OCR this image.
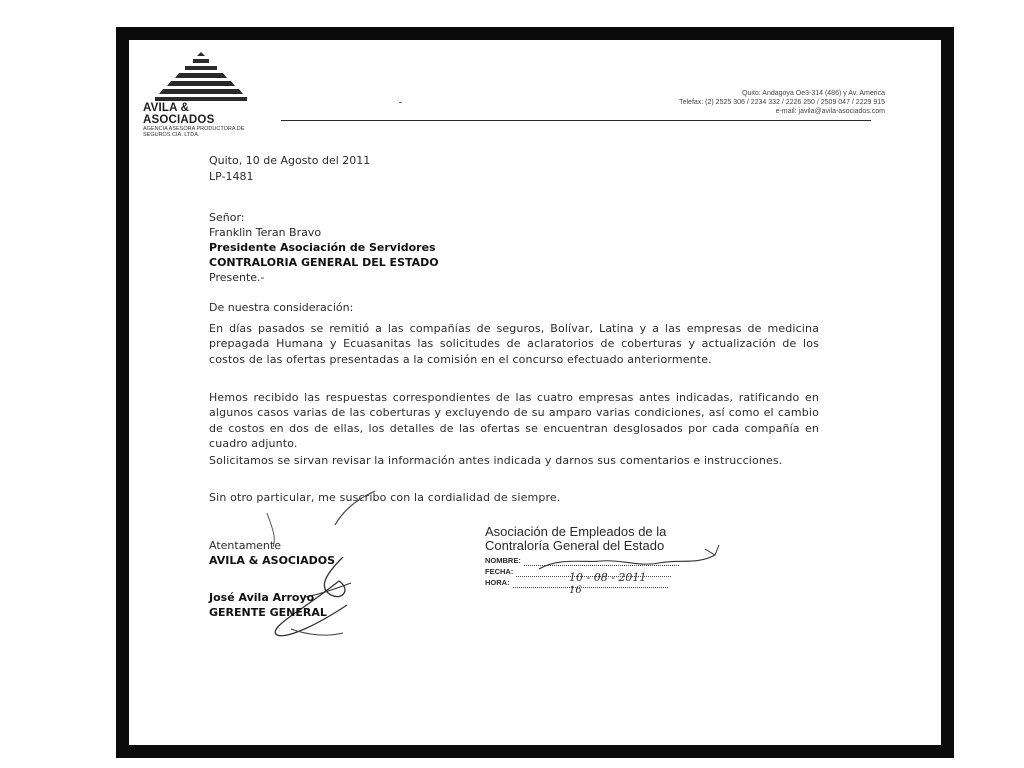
AVILA & ASOCIADOS
AGENCIA ASESORA PRODUCTORA DE SEGUROS CIA. LTDA.
Quito: Andagoya Oe3-314 (486) y Av. America
Telefax: (2) 2525 306 / 2234 332 / 2226 250 / 2509 047 / 2229 915
e-mail: javila@avila-asociados.com
Quito, 10 de Agosto del 2011
LP-1481
Señor:
Franklin Teran Bravo
Presidente Asociación de Servidores
CONTRALORIA GENERAL DEL ESTADO
Presente.-
De nuestra consideración:
En días pasados se remitió a las compañías de seguros, Bolívar, Latina y a las empresas de medicina prepagada Humana y Ecuasanitas las solicitudes de aclaratorios de coberturas y actualización de los costos de las ofertas presentadas a la comisión en el concurso efectuado anteriormente.
Hemos recibido las respuestas correspondientes de las cuatro empresas antes indicadas, ratificando en algunos casos varias de las coberturas y excluyendo de su amparo varias condiciones, así como el cambio de costos en dos de ellas, los detalles de las ofertas se encuentran desglosados por cada compañía en cuadro adjunto.
Solicitamos se sirvan revisar la información antes indicada y darnos sus comentarios e instrucciones.
Sin otro particular, me suscribo con la cordialidad de siempre.
Atentamente
AVILA & ASOCIADOS
José Avila Arroyo
GERENTE GENERAL
Asociación de Empleados de la
Contraloría General del Estado
NOMBRE:
FECHA:
HORA:	10 - 08 - 2011
16
